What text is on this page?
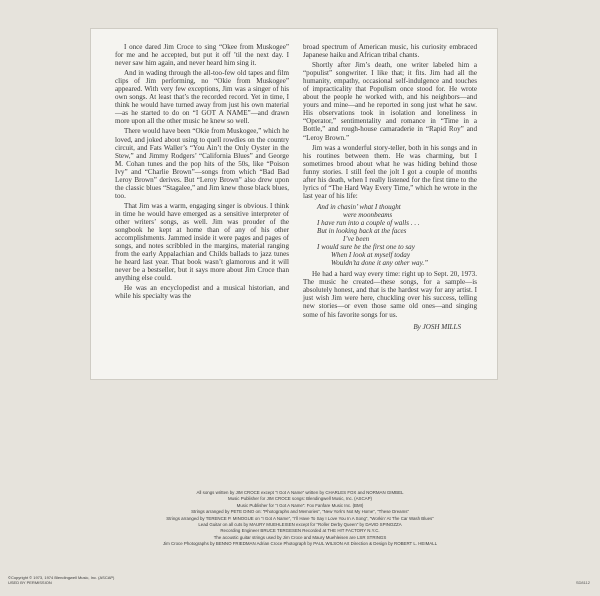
I once dared Jim Croce to sing “Okee from Muskogee” for me and he accepted, but put it off ’til the next day. I never saw him again, and never heard him sing it.

And in wading through the all-too-few old tapes and film clips of Jim performing, no “Okie from Muskogee” appeared. With very few exceptions, Jim was a singer of his own songs. At least that’s the recorded record. Yet in time, I think he would have turned away from just his own material—as he started to do on “I GOT A NAME”—and drawn more upon all the other music he knew so well.

There would have been “Okie from Muskogee,” which he loved, and joked about using to quell rowdies on the country circuit, and Fats Waller’s “You Ain’t the Only Oyster in the Stew,” and Jimmy Rodgers’ “California Blues” and George M. Cohan tunes and the pop hits of the 50s, like “Poison Ivy” and “Charlie Brown”—songs from which “Bad Bad Leroy Brown” derives. But “Leroy Brown” also drew upon the classic blues “Stagalee,” and Jim knew those black blues, too.

That Jim was a warm, engaging singer is obvious. I think in time he would have emerged as a sensitive interpreter of other writers’ songs, as well. Jim was prouder of the songbook he kept at home than of any of his other accomplishments. Jammed inside it were pages and pages of songs, and notes scribbled in the margins, material ranging from the early Appalachian and Childs ballads to jazz tunes he heard last year. That book wasn’t glamorous and it will never be a bestseller, but it says more about Jim Croce than anything else could.

He was an encyclopedist and a musical historian, and while his specialty was the

broad spectrum of American music, his curiosity embraced Japanese haiku and African tribal chants.

Shortly after Jim’s death, one writer labeled him a “populist” songwriter. I like that; it fits. Jim had all the humanity, empathy, occasional self-indulgence and touches of impracticality that Populism once stood for. He wrote about the people he worked with, and his neighbors—and yours and mine—and he reported in song just what he saw. His observations took in isolation and loneliness in “Operator,” sentimentality and romance in “Time in a Bottle,” and rough-house camaraderie in “Rapid Roy” and “Leroy Brown.”

Jim was a wonderful story-teller, both in his songs and in his routines between them. He was charming, but I sometimes brood about what he was hiding behind those funny stories. I still feel the jolt I got a couple of months after his death, when I really listened for the first time to the lyrics of “The Hard Way Every Time,” which he wrote in the last year of his life:

And in chasin’ what I thought
were moonbeams
I have run into a couple of walls . . .
But in looking back at the faces
I’ve been
I would sure be the first one to say
When I look at myself today
Wouldn’ta done it any other way.”

He had a hard way every time: right up to Sept. 20, 1973. The music he created—these songs, for a sample—is absolutely honest, and that is the hardest way for any artist. I just wish Jim were here, chuckling over his success, telling new stories—or even those same old ones—and singing some of his favorite songs for us.

By JOSH MILLS
All songs written by JIM CROCE except “I Got A Name” written by CHARLES FOX and NORMAN GIMBEL
Music Publisher for JIM CROCE songs: Blendingwell Music, Inc. (ASCAP)
Music Publisher for “I Got A Name”: Fox Fanfare Music Inc. (BMI)
Strings arranged by PETE DINO on: “Photographs and Memories”, “New York’s Not My Home”, “These Dreams”
Strings arranged by TERENCE P. MINOGUE on “I Got A Name”, “I’ll Have To Say I Love You In A Song”, “Workin’ At The Car Wash Blues”
Lead Guitar on all cuts by MAURY MUEHLEISEN except for “Roller Derby Queen” by DAVID SPINOZZA
Recording Engineer BRUCE TERGESEN Recorded at THE HIT FACTORY N.Y.C.
The acoustic guitar strings used by Jim Croce and Maury Muehleisen are LSR STRINGS
Jim Croce Photographs by BENNO FRIEDMAN Adrian Croce Photograph by PAUL WILSON Art Direction & Design by ROBERT L. HEIMALL
©Copyright © 1973, 1974 Blendingwell Music, Inc. (ASCAP)
USED BY PERMISSION	SD8112
